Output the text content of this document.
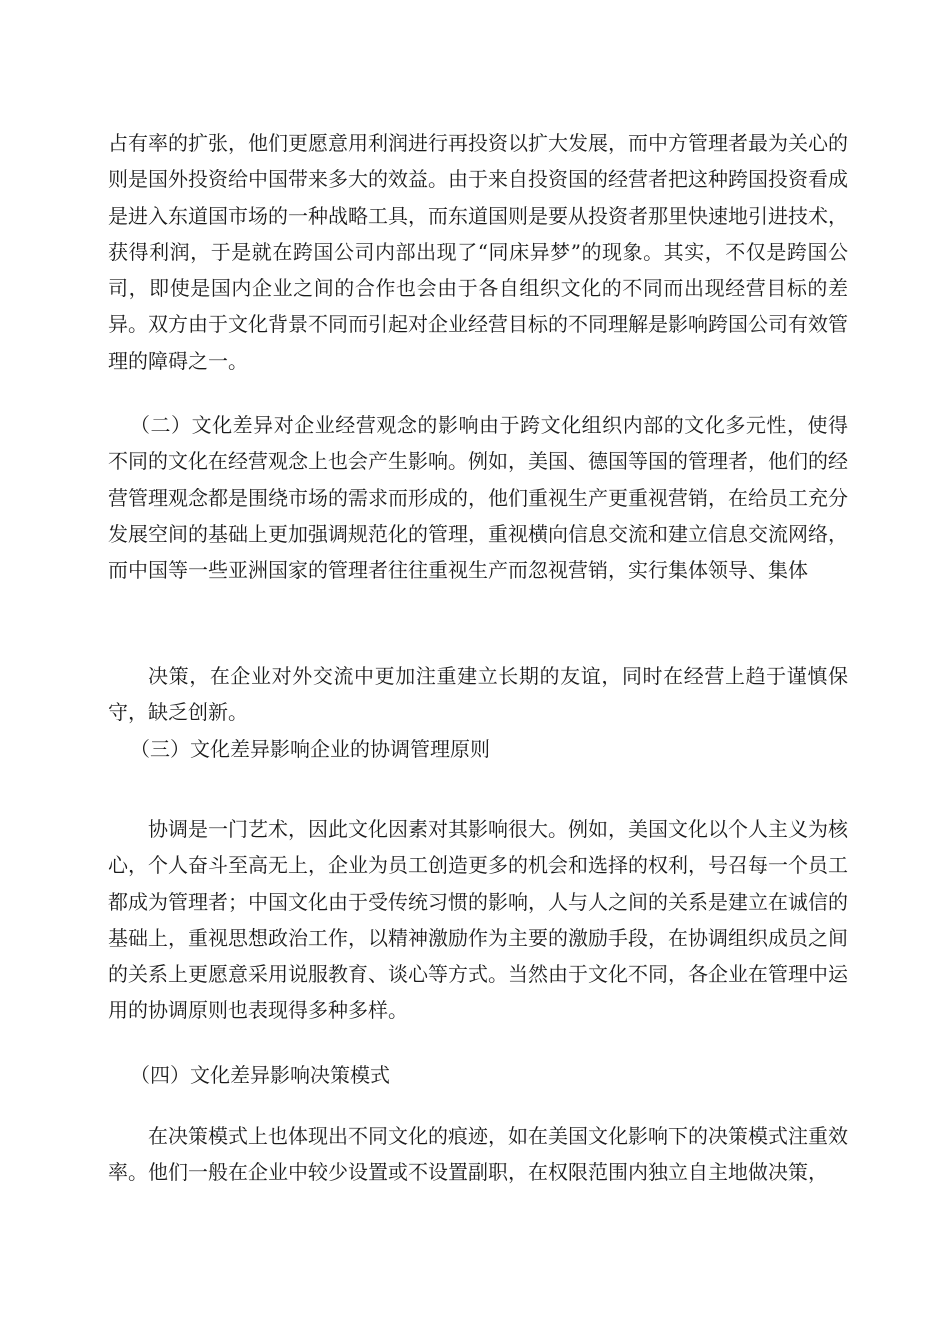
占有率的扩张，他们更愿意用利润进行再投资以扩大发展，而中方管理者最为关心的则是国外投资给中国带来多大的效益。由于来自投资国的经营者把这种跨国投资看成是进入东道国市场的一种战略工具，而东道国则是要从投资者那里快速地引进技术，获得利润，于是就在跨国公司内部出现了“同床异梦”的现象。其实，不仅是跨国公司，即使是国内企业之间的合作也会由于各自组织文化的不同而出现经营目标的差异。双方由于文化背景不同而引起对企业经营目标的不同理解是影响跨国公司有效管理的障碍之一。

（二）文化差异对企业经营观念的影响由于跨文化组织内部的文化多元性，使得不同的文化在经营观念上也会产生影响。例如，美国、德国等国的管理者，他们的经营管理观念都是围绕市场的需求而形成的，他们重视生产更重视营销，在给员工充分发展空间的基础上更加强调规范化的管理，重视横向信息交流和建立信息交流网络，而中国等一些亚洲国家的管理者往往重视生产而忽视营销，实行集体领导、集体

决策，在企业对外交流中更加注重建立长期的友谊，同时在经营上趋于谨慎保守，缺乏创新。

（三）文化差异影响企业的协调管理原则

协调是一门艺术，因此文化因素对其影响很大。例如，美国文化以个人主义为核心，个人奋斗至高无上，企业为员工创造更多的机会和选择的权利，号召每一个员工都成为管理者；中国文化由于受传统习惯的影响，人与人之间的关系是建立在诚信的基础上，重视思想政治工作，以精神激励作为主要的激励手段，在协调组织成员之间的关系上更愿意采用说服教育、谈心等方式。当然由于文化不同，各企业在管理中运用的协调原则也表现得多种多样。

（四）文化差异影响决策模式

在决策模式上也体现出不同文化的痕迹，如在美国文化影响下的决策模式注重效率。他们一般在企业中较少设置或不设置副职，在权限范围内独立自主地做决策，
